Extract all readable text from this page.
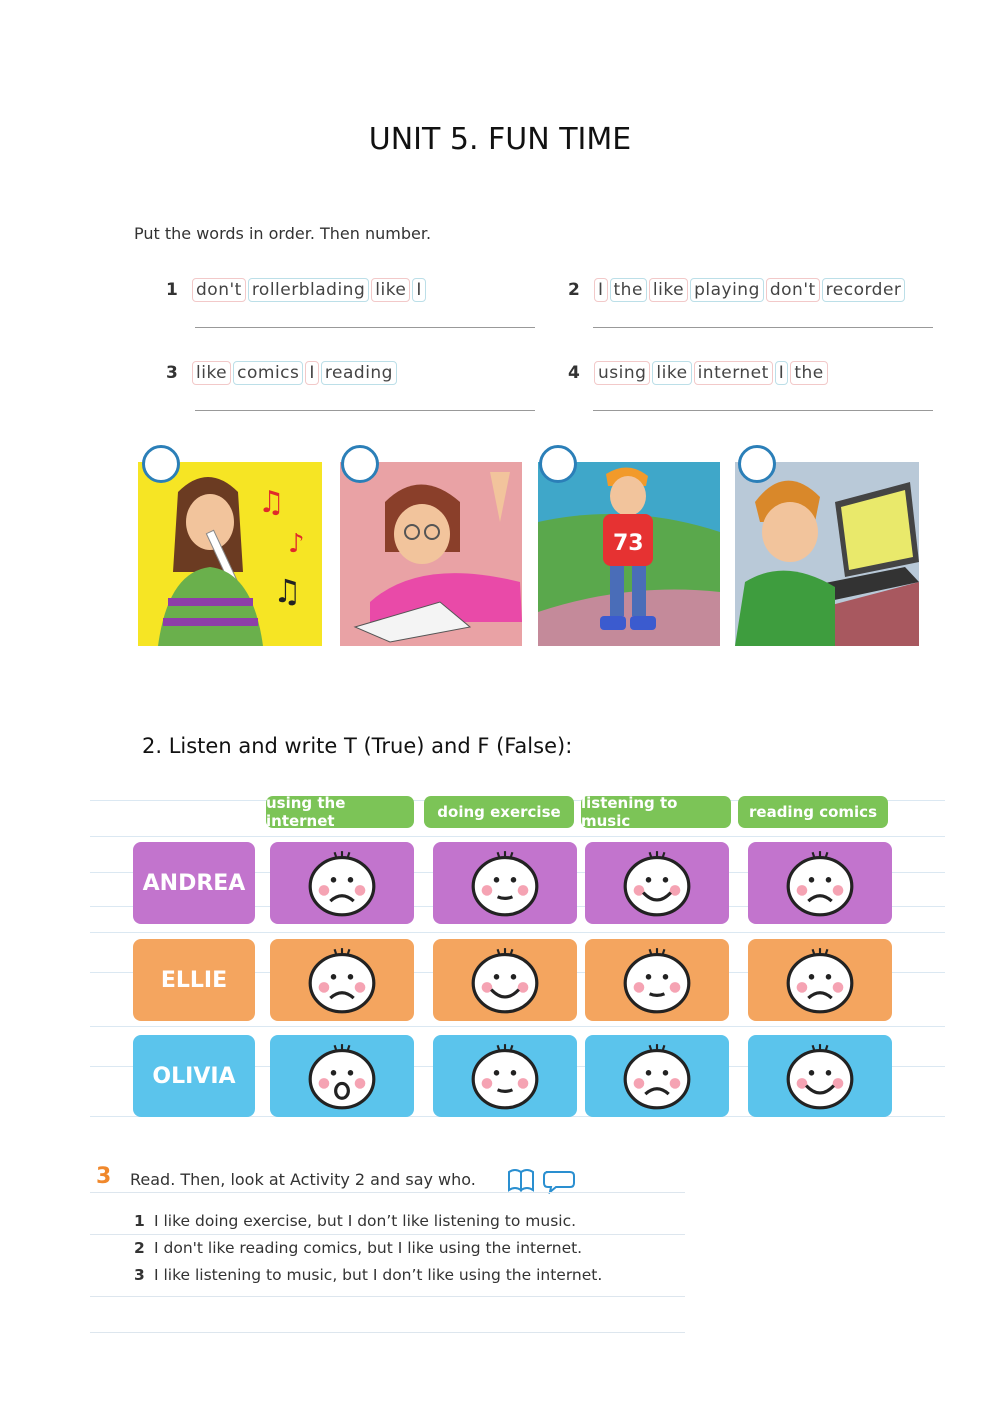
UNIT 5. FUN TIME
Put the words in order. Then number.
1	don't rollerblading like I	2	I the like playing don't recorder
3	like comics I reading	4	using like internet I the
♫
♪
♫
73
2. Listen and write T (True) and F (False):
using the internet	doing exercise	listening to music	reading comics
ANDREA
ELLIE
OLIVIA
3 Read. Then, look at Activity 2 and say who.
1 I like doing exercise, but I don’t like listening to music.
2 I don't like reading comics, but I like using the internet.
3 I like listening to music, but I don’t like using the internet.
